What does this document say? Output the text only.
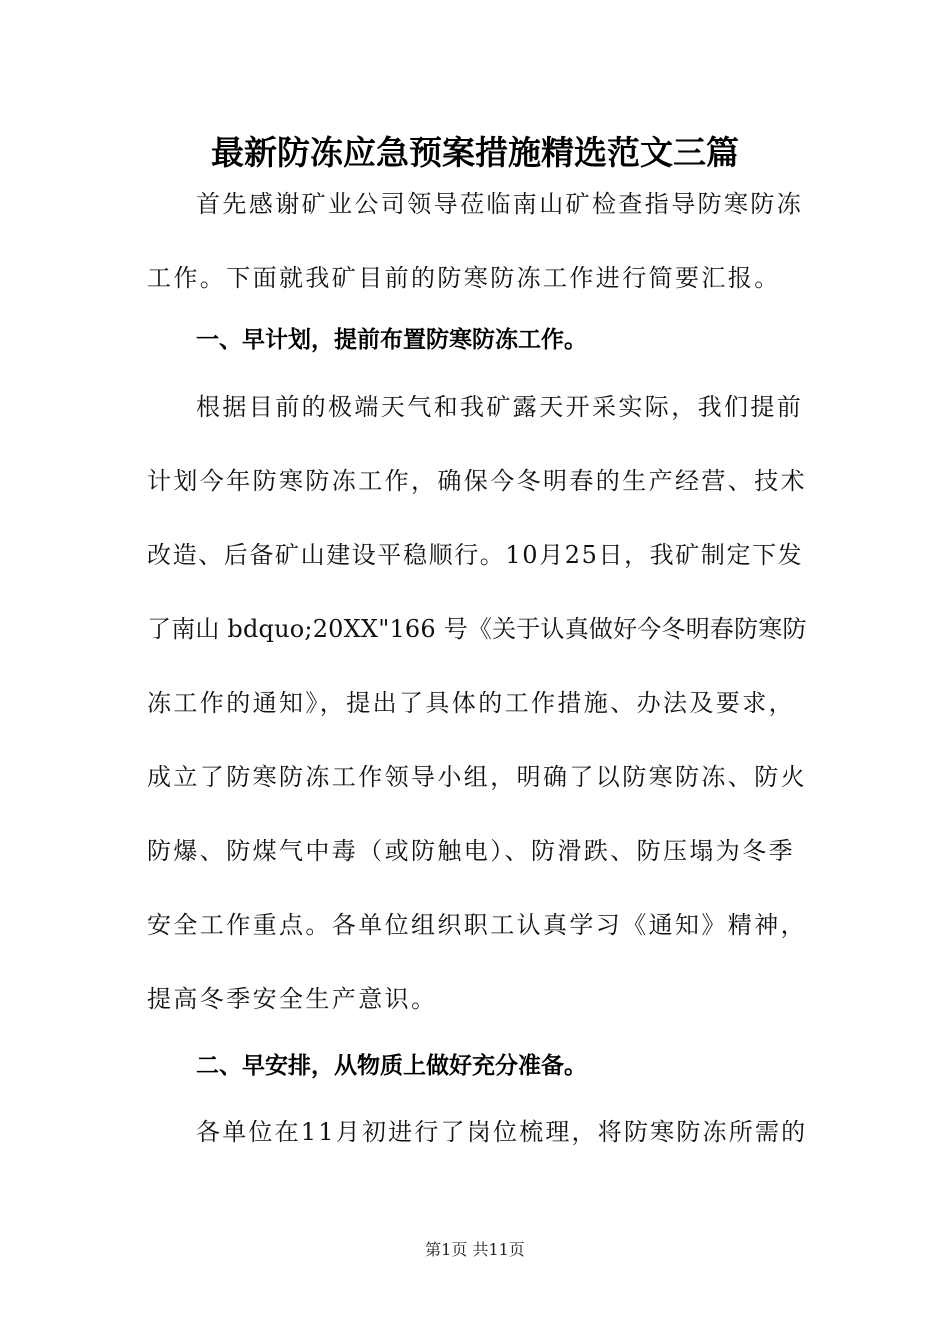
最新防冻应急预案措施精选范文三篇
首先感谢矿业公司领导莅临南山矿检查指导防寒防冻
工作。下面就我矿目前的防寒防冻工作进行简要汇报。
一、早计划，提前布置防寒防冻工作。
根据目前的极端天气和我矿露天开采实际，我们提前
计划今年防寒防冻工作，确保今冬明春的生产经营、技术
改造、后备矿山建设平稳顺行。10月25日，我矿制定下发
了南山 bdquo;20XX"166 号《关于认真做好今冬明春防寒防
冻工作的通知》，提出了具体的工作措施、办法及要求，
成立了防寒防冻工作领导小组，明确了以防寒防冻、防火
防爆、防煤气中毒（或防触电）、防滑跌、防压塌为冬季
安全工作重点。各单位组织职工认真学习《通知》精神，
提高冬季安全生产意识。
二、早安排，从物质上做好充分准备。
各单位在11月初进行了岗位梳理，将防寒防冻所需的
第1页 共11页
